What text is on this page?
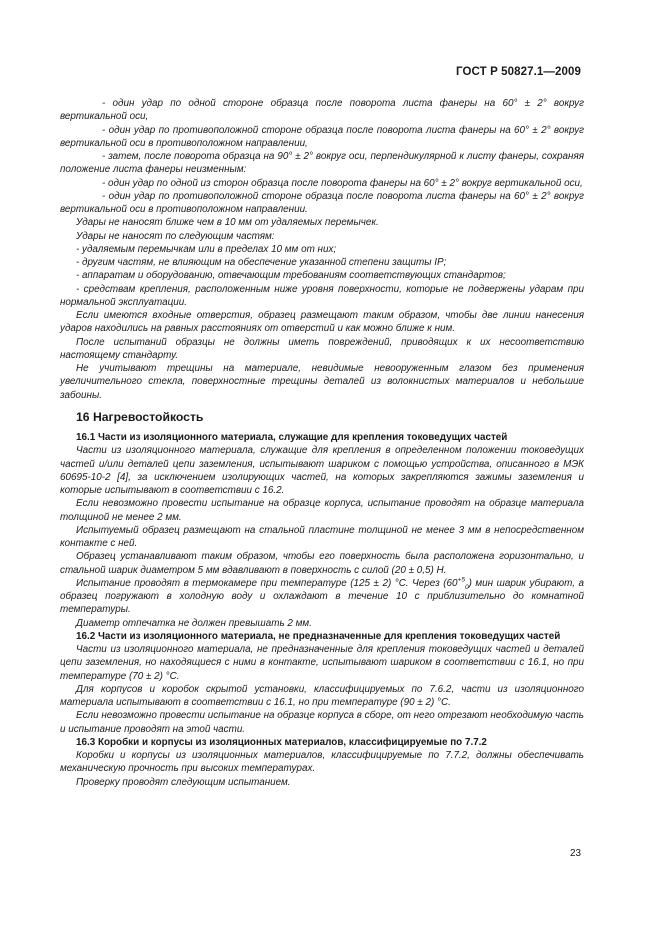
ГОСТ Р 50827.1—2009

- один удар по одной стороне образца после поворота листа фанеры на 60° ± 2° вокруг вертикальной оси,

- один удар по противоположной стороне образца после поворота листа фанеры на 60° ± 2° вокруг вертикальной оси в противоположном направлении,

- затем, после поворота образца на 90° ± 2° вокруг оси, перпендикулярной к листу фанеры, сохраняя положение листа фанеры неизменным:

- один удар по одной из сторон образца после поворота фанеры на 60° ± 2° вокруг вертикальной оси,

- один удар по противоположной стороне образца после поворота листа фанеры на 60° ± 2° вокруг вертикальной оси в противоположном направлении.

Удары не наносят ближе чем в 10 мм от удаляемых перемычек.

Удары не наносят по следующим частям:

- удаляемым перемычкам или в пределах 10 мм от них;

- другим частям, не влияющим на обеспечение указанной степени защиты IP;

- аппаратам и оборудованию, отвечающим требованиям соответствующих стандартов;

- средствам крепления, расположенным ниже уровня поверхности, которые не подвержены ударам при нормальной эксплуатации.

Если имеются входные отверстия, образец размещают таким образом, чтобы две линии нанесения ударов находились на равных расстояниях от отверстий и как можно ближе к ним.

После испытаний образцы не должны иметь повреждений, приводящих к их несоответствию настоящему стандарту.

Не учитывают трещины на материале, невидимые невооруженным глазом без применения увеличительного стекла, поверхностные трещины деталей из волокнистых материалов и небольшие забоины.

16 Нагревостойкость

16.1 Части из изоляционного материала, служащие для крепления токоведущих частей

Части из изоляционного материала, служащие для крепления в определенном положении токоведущих частей и/или деталей цепи заземления, испытывают шариком с помощью устройства, описанного в МЭК 60695-10-2 [4], за исключением изолирующих частей, на которых закрепляются зажимы заземления и которые испытывают в соответствии с 16.2.

Если невозможно провести испытание на образце корпуса, испытание проводят на образце материала толщиной не менее 2 мм.

Испытуемый образец размещают на стальной пластине толщиной не менее 3 мм в непосредственном контакте с ней.

Образец устанавливают таким образом, чтобы его поверхность была расположена горизонтально, и стальной шарик диаметром 5 мм вдавливают в поверхность с силой (20 ± 0,5) Н.

Испытание проводят в термокамере при температуре (125 ± 2) °С. Через $(60^{+5}_0)$ мин шарик убирают, а образец погружают в холодную воду и охлаждают в течение 10 с приблизительно до комнатной температуры.

Диаметр отпечатка не должен превышать 2 мм.

16.2 Части из изоляционного материала, не предназначенные для крепления токоведущих частей

Части из изоляционного материала, не предназначенные для крепления токоведущих частей и деталей цепи заземления, но находящиеся с ними в контакте, испытывают шариком в соответствии с 16.1, но при температуре (70 ± 2) °С.

Для корпусов и коробок скрытой установки, классифицируемых по 7.6.2, части из изоляционного материала испытывают в соответствии с 16.1, но при температуре (90 ± 2) °С.

Если невозможно провести испытание на образце корпуса в сборе, от него отрезают необходимую часть и испытание проводят на этой части.

16.3 Коробки и корпусы из изоляционных материалов, классифицируемые по 7.7.2

Коробки и корпусы из изоляционных материалов, классифицируемые по 7.7.2, должны обеспечивать механическую прочность при высоких температурах.

Проверку проводят следующим испытанием.

23
